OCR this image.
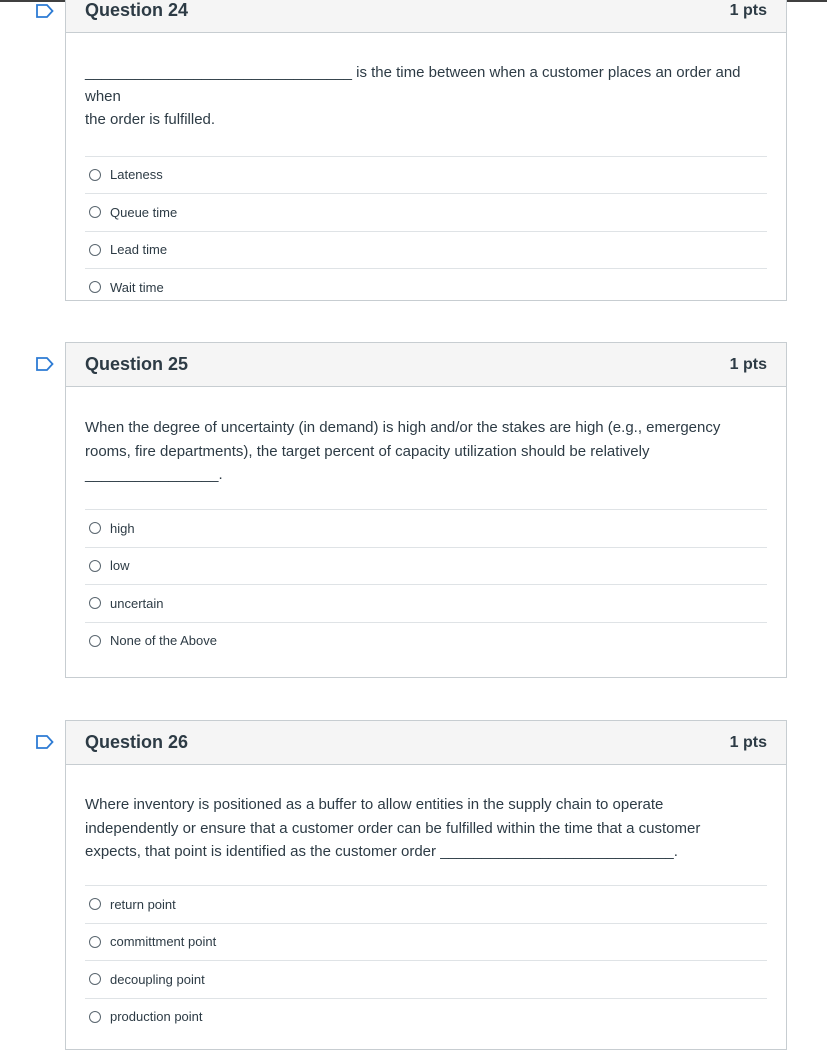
Question 24	1 pts
________________________________ is the time between when a customer places an order and when
the order is fulfilled.
Lateness
Queue time
Lead time
Wait time
Question 25	1 pts
When the degree of uncertainty (in demand) is high and/or the stakes are high (e.g., emergency
rooms, fire departments), the target percent of capacity utilization should be relatively
________________.
high
low
uncertain
None of the Above
Question 26	1 pts
Where inventory is positioned as a buffer to allow entities in the supply chain to operate
independently or ensure that a customer order can be fulfilled within the time that a customer
expects, that point is identified as the customer order ____________________________.
return point
committment point
decoupling point
production point
